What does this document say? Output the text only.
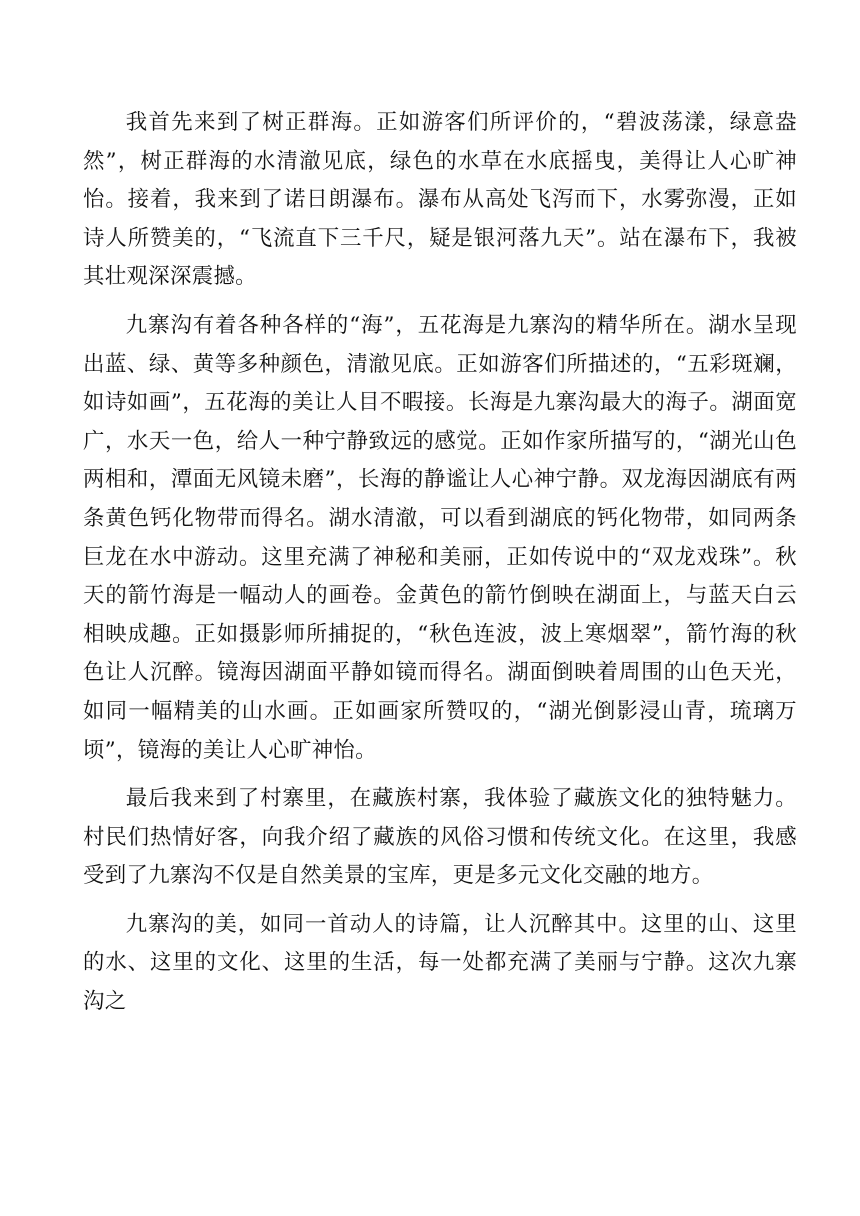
我首先来到了树正群海。正如游客们所评价的，“碧波荡漾，绿意盎然”，树正群海的水清澈见底，绿色的水草在水底摇曳，美得让人心旷神怡。接着，我来到了诺日朗瀑布。瀑布从高处飞泻而下，水雾弥漫，正如诗人所赞美的，“飞流直下三千尺，疑是银河落九天”。站在瀑布下，我被其壮观深深震撼。

九寨沟有着各种各样的“海”，五花海是九寨沟的精华所在。湖水呈现出蓝、绿、黄等多种颜色，清澈见底。正如游客们所描述的，“五彩斑斓，如诗如画”，五花海的美让人目不暇接。长海是九寨沟最大的海子。湖面宽广，水天一色，给人一种宁静致远的感觉。正如作家所描写的，“湖光山色两相和，潭面无风镜未磨”，长海的静谧让人心神宁静。双龙海因湖底有两条黄色钙化物带而得名。湖水清澈，可以看到湖底的钙化物带，如同两条巨龙在水中游动。这里充满了神秘和美丽，正如传说中的“双龙戏珠”。秋天的箭竹海是一幅动人的画卷。金黄色的箭竹倒映在湖面上，与蓝天白云相映成趣。正如摄影师所捕捉的，“秋色连波，波上寒烟翠”，箭竹海的秋色让人沉醉。镜海因湖面平静如镜而得名。湖面倒映着周围的山色天光，如同一幅精美的山水画。正如画家所赞叹的，“湖光倒影浸山青，琉璃万顷”，镜海的美让人心旷神怡。

最后我来到了村寨里，在藏族村寨，我体验了藏族文化的独特魅力。村民们热情好客，向我介绍了藏族的风俗习惯和传统文化。在这里，我感受到了九寨沟不仅是自然美景的宝库，更是多元文化交融的地方。

九寨沟的美，如同一首动人的诗篇，让人沉醉其中。这里的山、这里的水、这里的文化、这里的生活，每一处都充满了美丽与宁静。这次九寨沟之
